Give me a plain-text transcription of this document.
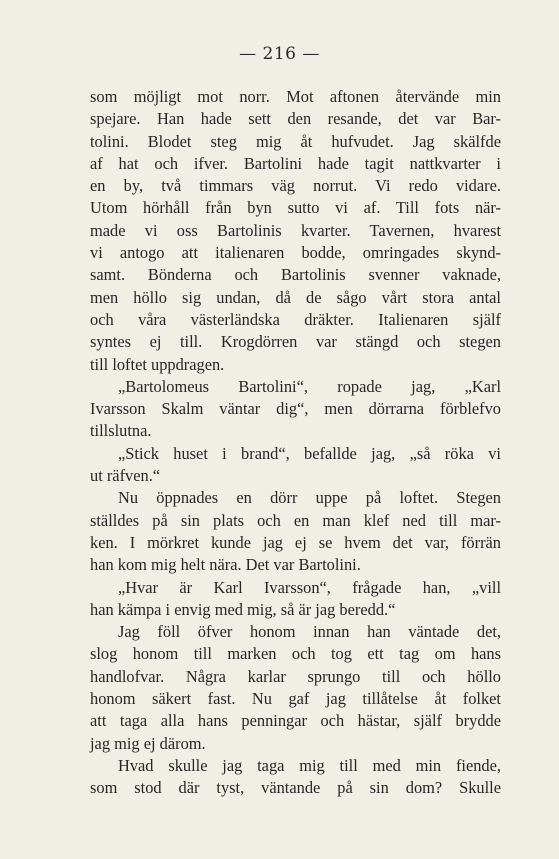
— 216 —
som möjligt mot norr. Mot aftonen återvände min
spejare. Han hade sett den resande, det var Bar-
tolini. Blodet steg mig åt hufvudet. Jag skälfde
af hat och ifver. Bartolini hade tagit nattkvarter i
en by, två timmars väg norrut. Vi redo vidare.
Utom hörhåll från byn sutto vi af. Till fots när-
made vi oss Bartolinis kvarter. Tavernen, hvarest
vi antogo att italienaren bodde, omringades skynd-
samt. Bönderna och Bartolinis svenner vaknade,
men höllo sig undan, då de sågo vårt stora antal
och våra västerländska dräkter. Italienaren själf
syntes ej till. Krogdörren var stängd och stegen
till loftet uppdragen.
„Bartolomeus Bartolini“, ropade jag, „Karl
Ivarsson Skalm väntar dig“, men dörrarna förblefvo
tillslutna.
„Stick huset i brand“, befallde jag, „så röka vi
ut räfven.“
Nu öppnades en dörr uppe på loftet. Stegen
ställdes på sin plats och en man klef ned till mar-
ken. I mörkret kunde jag ej se hvem det var, förrän
han kom mig helt nära. Det var Bartolini.
„Hvar är Karl Ivarsson“, frågade han, „vill
han kämpa i envig med mig, så är jag beredd.“
Jag föll öfver honom innan han väntade det,
slog honom till marken och tog ett tag om hans
handlofvar. Några karlar sprungo till och höllo
honom säkert fast. Nu gaf jag tillåtelse åt folket
att taga alla hans penningar och hästar, själf brydde
jag mig ej därom.
Hvad skulle jag taga mig till med min fiende,
som stod där tyst, väntande på sin dom? Skulle
